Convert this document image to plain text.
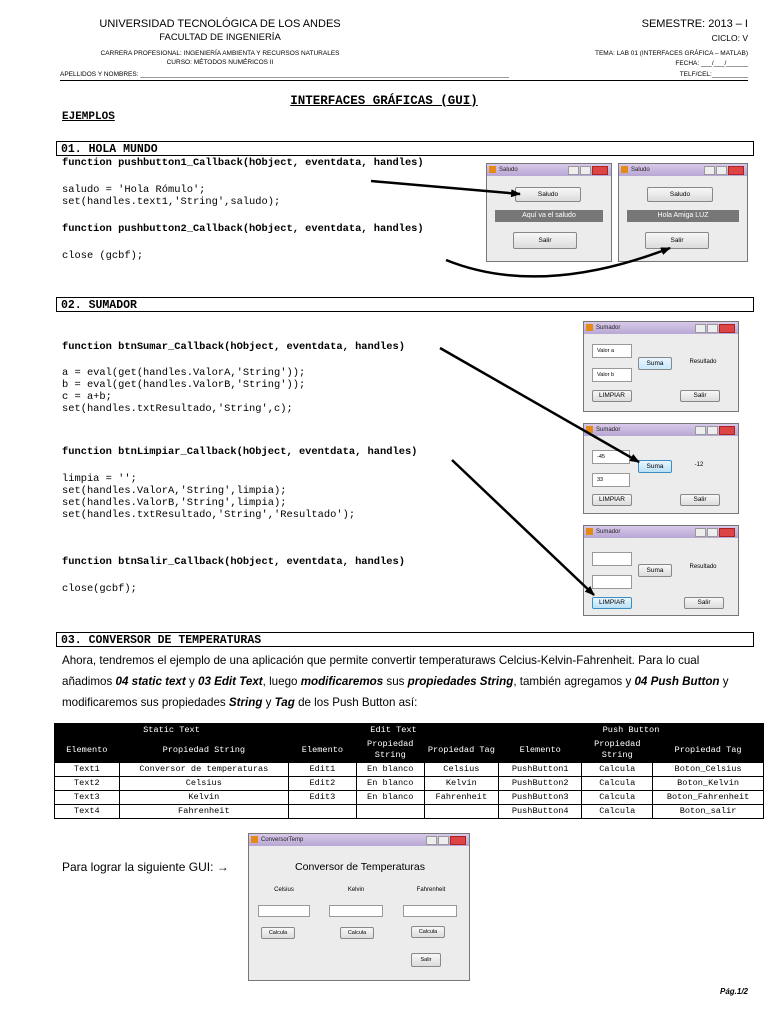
UNIVERSIDAD TECNOLÓGICA DE LOS ANDES
FACULTAD DE INGENIERÍA
CARRERA PROFESIONAL: INGENIERÍA AMBIENTA Y RECURSOS NATURALES
CURSO: MÉTODOS NUMÉRICOS II
APELLIDOS Y NOMBRES: ______________________________________________________________________________________________________
SEMESTRE: 2013 – I
CICLO: V
TEMA: LAB 01 (INTERFACES GRÁFICA – MATLAB)
FECHA: ___/___/______
TELF/CEL:__________
INTERFACES GRÁFICAS (GUI)
EJEMPLOS
01. HOLA MUNDO
function pushbutton1_Callback(hObject, eventdata, handles)
saludo = 'Hola Rómulo';
set(handles.text1,'String',saludo);
function pushbutton2_Callback(hObject, eventdata, handles)
close (gcbf);
Saludo
Saludo
Aquí va el saludo
Salir
Saludo
Saludo
Hola Amiga LUZ
Salir
02. SUMADOR
function btnSumar_Callback(hObject, eventdata, handles)
a = eval(get(handles.ValorA,'String'));
b = eval(get(handles.ValorB,'String'));
c = a+b;
set(handles.txtResultado,'String',c);
function btnLimpiar_Callback(hObject, eventdata, handles)
limpia = '';
set(handles.ValorA,'String',limpia);
set(handles.ValorB,'String',limpia);
set(handles.txtResultado,'String','Resultado');
function btnSalir_Callback(hObject, eventdata, handles)
close(gcbf);
Sumador
Valor a
Suma	Resultado
Valor b
LIMPIAR	Salir
Sumador
-45
Suma	-12
33
LIMPIAR	Salir
Sumador
Suma	Resultado
LIMPIAR	Salir
03. CONVERSOR DE TEMPERATURAS
Ahora, tendremos el ejemplo de una aplicación que permite convertir temperaturaws Celcius-Kelvin-Fahrenheit. Para lo cual añadimos 04 static text y 03 Edit Text, luego modificaremos sus propiedades String, también agregamos y 04 Push Button y modificaremos sus propiedades String y Tag de los Push Button así:
Static Text		Edit Text			Push Button		
Elemento	Propiedad String	Elemento	Propiedad String	Propiedad Tag	Elemento	Propiedad String	Propiedad Tag
Text1	Conversor de temperaturas	Edit1	En blanco	Celsius	PushButton1	Calcula	Boton_Celsius
Text2	Celsius	Edit2	En blanco	Kelvin	PushButton2	Calcula	Boton_Kelvin
Text3	Kelvin	Edit3	En blanco	Fahrenheit	PushButton3	Calcula	Boton_Fahrenheit
Text4	Fahrenheit				PushButton4	Calcula	Boton_salir
Para lograr la siguiente GUI: →
ConversorTemp
Conversor de Temperaturas
Celsius	Kelvin	Fahrenheit
Calcula	Calcula	Calcula
Salir
Pág.1/2
